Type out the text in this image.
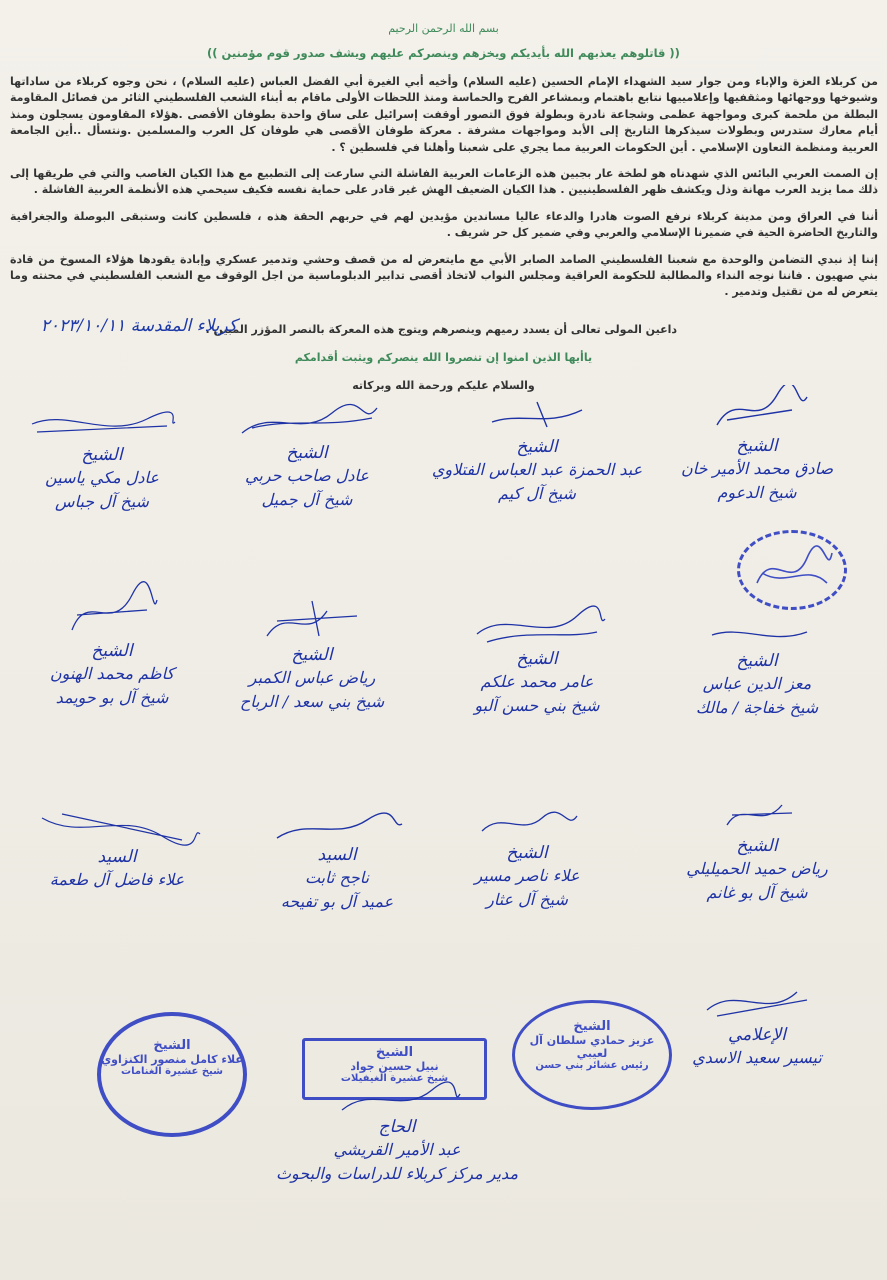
بسم الله الرحمن الرحيم
(( قاتلوهم يعذبهم الله بأيديكم ويخزهم وينصركم عليهم ويشف صدور قوم مؤمنين ))

من كربلاء العزة والإباء ومن جوار سيد الشهداء الإمام الحسين (عليه السلام) وأخيه أبي الغيرة أبي الفضل العباس (عليه السلام) ، نحن وجوه كربلاء من ساداتها وشيوخها ووجهائها ومثقفيها وإعلامييها نتابع باهتمام وبمشاعر الفرح والحماسة ومنذ اللحظات الأولى ماقام به أبناء الشعب الفلسطيني الثائر من فصائل المقاومة البطلة من ملحمة كبرى ومواجهة عظمى وشجاعة نادرة وبطولة فوق التصور أوقفت إسرائيل على ساق واحدة بطوفان الأقصى .هؤلاء المقاومون يسجلون ومنذ أيام معارك ستدرس وبطولات سيذكرها التاريخ إلى الأبد ومواجهات مشرفة . معركة طوفان الأقصى هي طوفان كل العرب والمسلمين .ونتسأل ..أين الجامعة العربية ومنظمة التعاون الإسلامي . أين الحكومات العربية مما يجري على شعبنا وأهلنا في فلسطين ؟ .

إن الصمت العربي البائس الذي شهدناه هو لطخة عار بجبين هذه الزعامات العربية الفاشلة التي سارعت إلى التطبيع مع هذا الكيان الغاصب والتي في طريقها إلى ذلك مما يزيد العرب مهانة وذل ويكشف ظهر الفلسطينيين . هذا الكيان الضعيف الهش غير قادر على حماية نفسه فكيف سيحمي هذه الأنظمة العربية الفاشلة .

أننا في العراق ومن مدينة كربلاء نرفع الصوت هادرا والدعاء عاليا مساندين مؤيدين لهم في حربهم الحقة هذه ، فلسطين كانت وستبقى البوصلة والجغرافية والتاريخ الحاضرة الحية في ضميرنا الإسلامي والعربي وفي ضمير كل حر شريف .

إننا إذ نبدي التضامن والوحدة مع شعبنا الفلسطيني الصامد الصابر الأبي مع مايتعرض له من قصف وحشي وتدمير عسكري وإبادة يقودها هؤلاء المسوخ من قادة بني صهيون . فاننا نوجه النداء والمطالبة للحكومة العراقية ومجلس النواب لاتخاذ أقصى تدابير الدبلوماسية من اجل الوقوف مع الشعب الفلسطيني في محنته وما يتعرض له من تقتيل وتدمير .

داعين المولى تعالى أن يسدد رميهم وينصرهم ويتوج هذه المعركة بالنصر المؤزر المبين .
كربلاء المقدسة ٢٠٢٣/١٠/١١
ياأيها الذين امنوا إن تنصروا الله ينصركم ويثبت أقدامكم
والسلام عليكم ورحمة الله وبركاته
الشيخ
صادق محمد الأمير خان
شيخ الدعوم
الشيخ
عبد الحمزة عبد العباس الفتلاوي
شيخ آل كيم
الشيخ
عادل صاحب حربي
شيخ آل جميل
الشيخ
عادل مكي ياسين
شيخ آل جباس
الشيخ
معز الدين عباس
شيخ خفاجة / مالك
الشيخ
عامر محمد علكم
شيخ بني حسن آلبو
الشيخ
رياض عباس الكمبر
شيخ بني سعد / الرباح
الشيخ
كاظم محمد الهنون
شيخ آل بو حويمد
الشيخ
رياض حميد الحميليلي
شيخ آل بو غانم
الشيخ
علاء ناصر مسير
شيخ آل عثار
السيد
ناجح ثابت
عميد آل بو تفيحه
السيد
علاء فاضل آل طعمة
الإعلامي
تيسير سعيد الاسدي
الشيخ
عزيز حمادي سلطان آل لعيبي
رئيس عشائر بني حسن
الشيخ
نبيل حسين جواد
شيخ عشيرة الغيفيلات
الشيخ
علاء كامل منصور الكنزاوي
شيخ عشيرة الغنامات
الحاج
عبد الأمير القريشي
مدير مركز كربلاء للدراسات والبحوث
